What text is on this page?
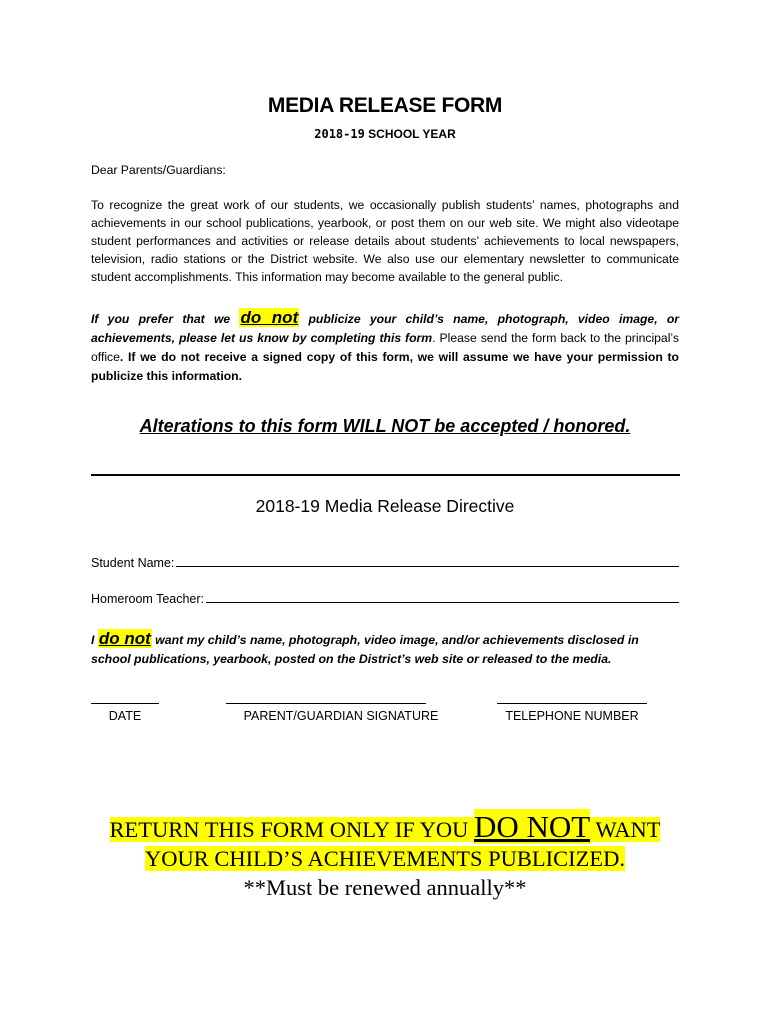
MEDIA RELEASE FORM
2018-19 SCHOOL YEAR
Dear Parents/Guardians:
To recognize the great work of our students, we occasionally publish students’ names, photographs and achievements in our school publications, yearbook, or post them on our web site. We might also videotape student performances and activities or release details about students’ achievements to local newspapers, television, radio stations or the District website. We also use our elementary newsletter to communicate student accomplishments. This information may become available to the general public.
If you prefer that we do not publicize your child’s name, photograph, video image, or achievements, please let us know by completing this form. Please send the form back to the principal’s office. If we do not receive a signed copy of this form, we will assume we have your permission to publicize this information.
Alterations to this form WILL NOT be accepted / honored.
2018-19 Media Release Directive
Student Name:
Homeroom Teacher:
I do not want my child’s name, photograph, video image, and/or achievements disclosed in school publications, yearbook, posted on the District’s web site or released to the media.
DATE	PARENT/GUARDIAN SIGNATURE	TELEPHONE NUMBER
RETURN THIS FORM ONLY IF YOU DO NOT WANT
YOUR CHILD’S ACHIEVEMENTS PUBLICIZED.
**Must be renewed annually**
